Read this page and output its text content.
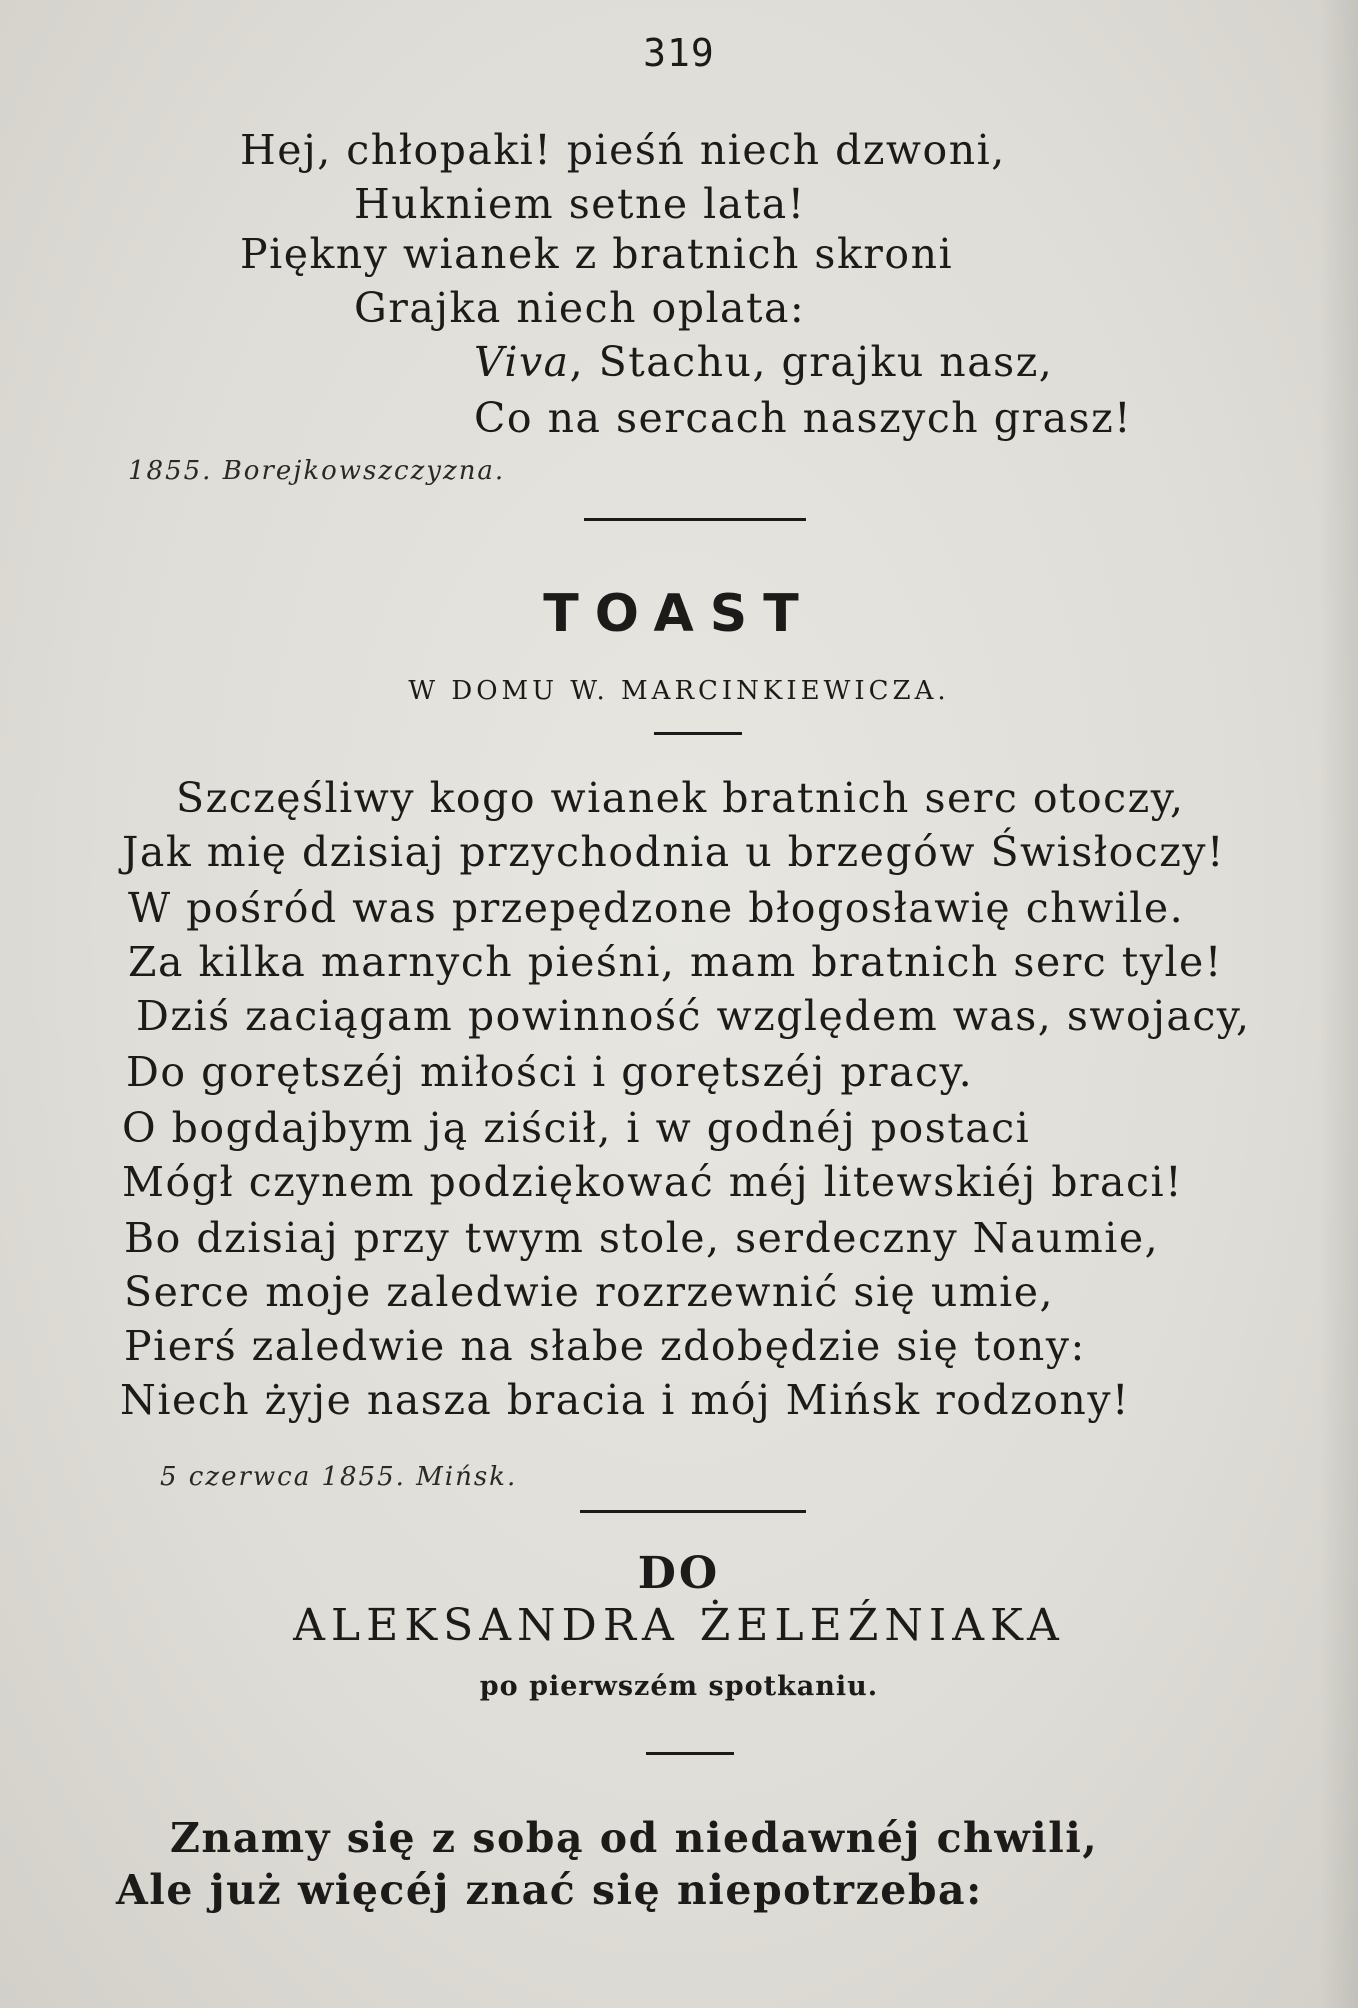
319
Hej, chłopaki! pieśń niech dzwoni,
Hukniem setne lata!
Piękny wianek z bratnich skroni
Grajka niech oplata:
Viva, Stachu, grajku nasz,
Co na sercach naszych grasz!
1855. Borejkowszczyzna.
TOAST
W DOMU W. MARCINKIEWICZA.
Szczęśliwy kogo wianek bratnich serc otoczy,
Jak mię dzisiaj przychodnia u brzegów Świsłoczy!
W pośród was przepędzone błogosławię chwile.
Za kilka marnych pieśni, mam bratnich serc tyle!
Dziś zaciągam powinność względem was, swojacy,
Do gorętszéj miłości i gorętszéj pracy.
O bogdajbym ją ziścił, i w godnéj postaci
Mógł czynem podziękować méj litewskiéj braci!
Bo dzisiaj przy twym stole, serdeczny Naumie,
Serce moje zaledwie rozrzewnić się umie,
Pierś zaledwie na słabe zdobędzie się tony:
Niech żyje nasza bracia i mój Mińsk rodzony!
5 czerwca 1855. Mińsk.
DO
ALEKSANDRA ŻELEŹNIAKA
po pierwszém spotkaniu.
Znamy się z sobą od niedawnéj chwili,
Ale już więcéj znać się niepotrzeba:
